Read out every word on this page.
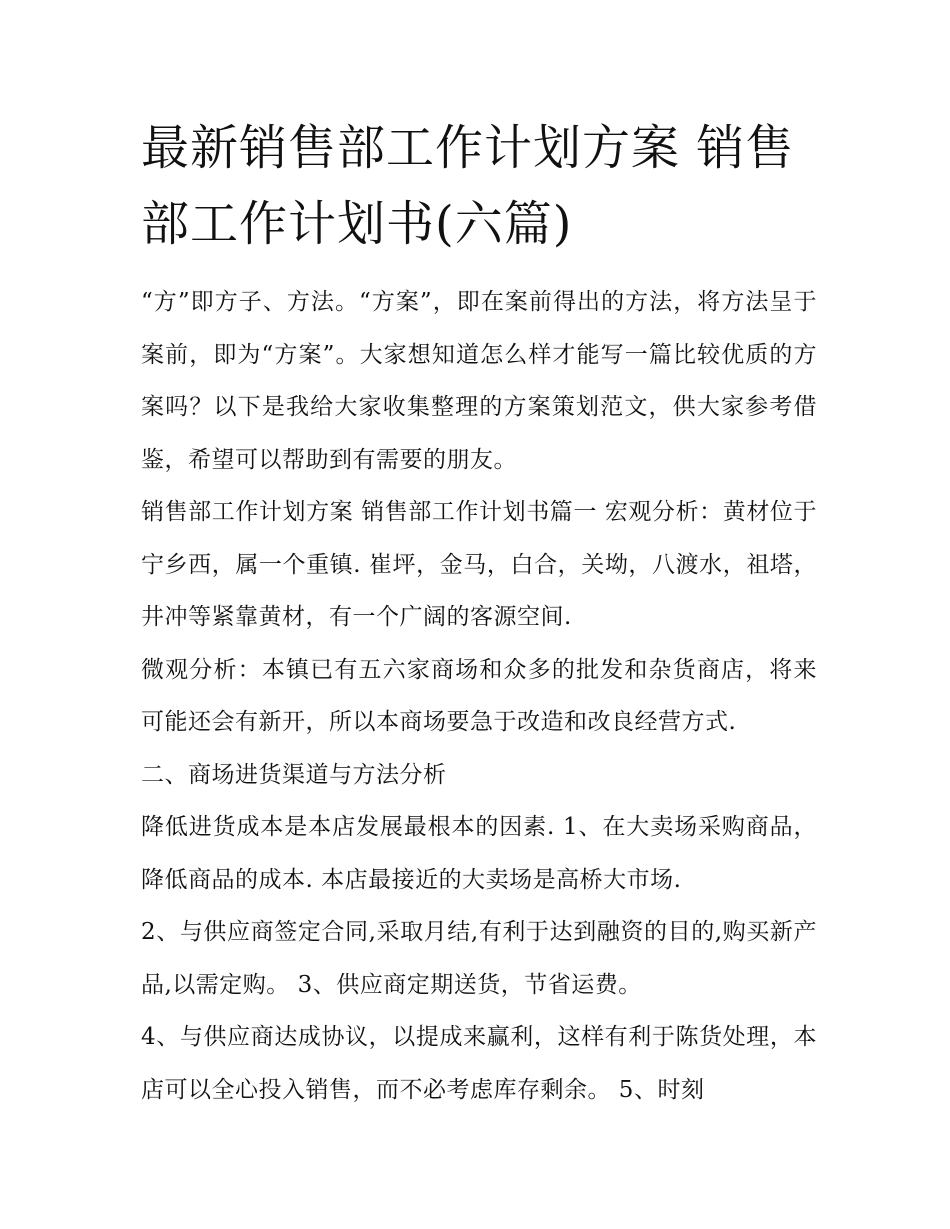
最新销售部工作计划方案 销售部工作计划书(六篇)

“方”即方子、方法。“方案”，即在案前得出的方法，将方法呈于案前，即为“方案”。大家想知道怎么样才能写一篇比较优质的方案吗？以下是我给大家收集整理的方案策划范文，供大家参考借鉴，希望可以帮助到有需要的朋友。

销售部工作计划方案 销售部工作计划书篇一 宏观分析：黄材位于宁乡西，属一个重镇. 崔坪，金马，白合，关坳，八渡水，祖塔，井冲等紧靠黄材，有一个广阔的客源空间.

微观分析：本镇已有五六家商场和众多的批发和杂货商店，将来可能还会有新开，所以本商场要急于改造和改良经营方式.

二、商场进货渠道与方法分析

降低进货成本是本店发展最根本的因素. 1、在大卖场采购商品，降低商品的成本. 本店最接近的大卖场是高桥大市场.

2、与供应商签定合同,采取月结,有利于达到融资的目的,购买新产品,以需定购。 3、供应商定期送货，节省运费。

4、与供应商达成协议，以提成来赢利，这样有利于陈货处理，本店可以全心投入销售，而不必考虑库存剩余。 5、时刻
